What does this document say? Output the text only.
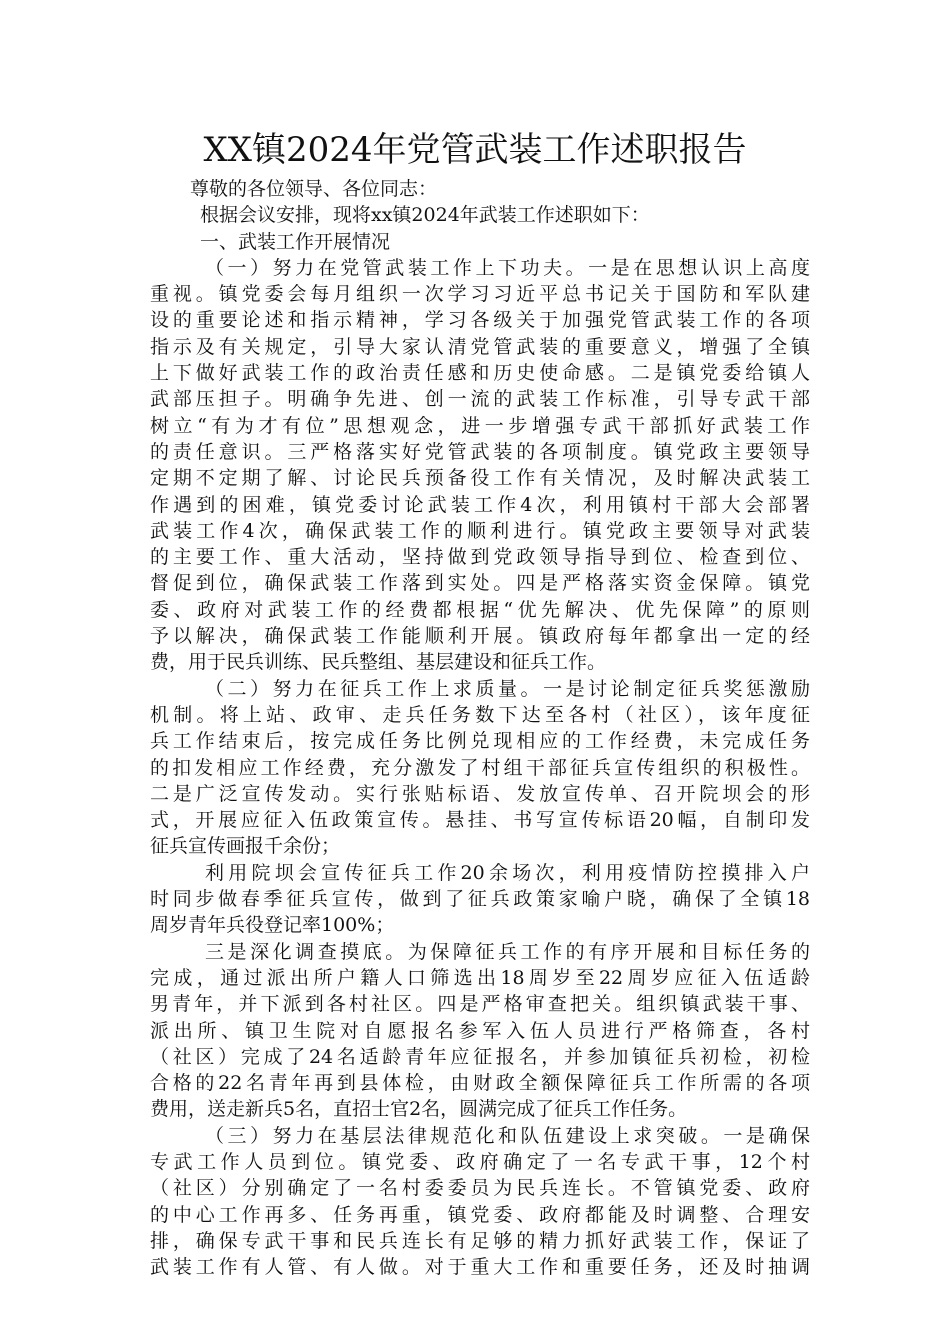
XX镇2024年党管武装工作述职报告
尊敬的各位领导、各位同志：
根据会议安排，现将xx镇2024年武装工作述职如下：
一、武装工作开展情况
（一）努力在党管武装工作上下功夫。一是在思想认识上高度
重视。镇党委会每月组织一次学习习近平总书记关于国防和军队建
设的重要论述和指示精神，学习各级关于加强党管武装工作的各项
指示及有关规定，引导大家认清党管武装的重要意义，增强了全镇
上下做好武装工作的政治责任感和历史使命感。二是镇党委给镇人
武部压担子。明确争先进、创一流的武装工作标准，引导专武干部
树立“有为才有位”思想观念，进一步增强专武干部抓好武装工作
的责任意识。三严格落实好党管武装的各项制度。镇党政主要领导
定期不定期了解、讨论民兵预备役工作有关情况，及时解决武装工
作遇到的困难，镇党委讨论武装工作4次，利用镇村干部大会部署
武装工作4次，确保武装工作的顺利进行。镇党政主要领导对武装
的主要工作、重大活动，坚持做到党政领导指导到位、检查到位、
督促到位，确保武装工作落到实处。四是严格落实资金保障。镇党
委、政府对武装工作的经费都根据“优先解决、优先保障”的原则
予以解决，确保武装工作能顺利开展。镇政府每年都拿出一定的经
费，用于民兵训练、民兵整组、基层建设和征兵工作。
（二）努力在征兵工作上求质量。一是讨论制定征兵奖惩激励
机制。将上站、政审、走兵任务数下达至各村（社区），该年度征
兵工作结束后，按完成任务比例兑现相应的工作经费，未完成任务
的扣发相应工作经费，充分激发了村组干部征兵宣传组织的积极性。
二是广泛宣传发动。实行张贴标语、发放宣传单、召开院坝会的形
式，开展应征入伍政策宣传。悬挂、书写宣传标语20幅，自制印发
征兵宣传画报千余份；
利用院坝会宣传征兵工作20余场次，利用疫情防控摸排入户
时同步做春季征兵宣传，做到了征兵政策家喻户晓，确保了全镇18
周岁青年兵役登记率100%；
三是深化调查摸底。为保障征兵工作的有序开展和目标任务的
完成，通过派出所户籍人口筛选出18周岁至22周岁应征入伍适龄
男青年，并下派到各村社区。四是严格审查把关。组织镇武装干事、
派出所、镇卫生院对自愿报名参军入伍人员进行严格筛查，各村
（社区）完成了24名适龄青年应征报名，并参加镇征兵初检，初检
合格的22名青年再到县体检，由财政全额保障征兵工作所需的各项
费用，送走新兵5名，直招士官2名，圆满完成了征兵工作任务。
（三）努力在基层法律规范化和队伍建设上求突破。一是确保
专武工作人员到位。镇党委、政府确定了一名专武干事，12个村
（社区）分别确定了一名村委委员为民兵连长。不管镇党委、政府
的中心工作再多、任务再重，镇党委、政府都能及时调整、合理安
排，确保专武干事和民兵连长有足够的精力抓好武装工作，保证了
武装工作有人管、有人做。对于重大工作和重要任务，还及时抽调
